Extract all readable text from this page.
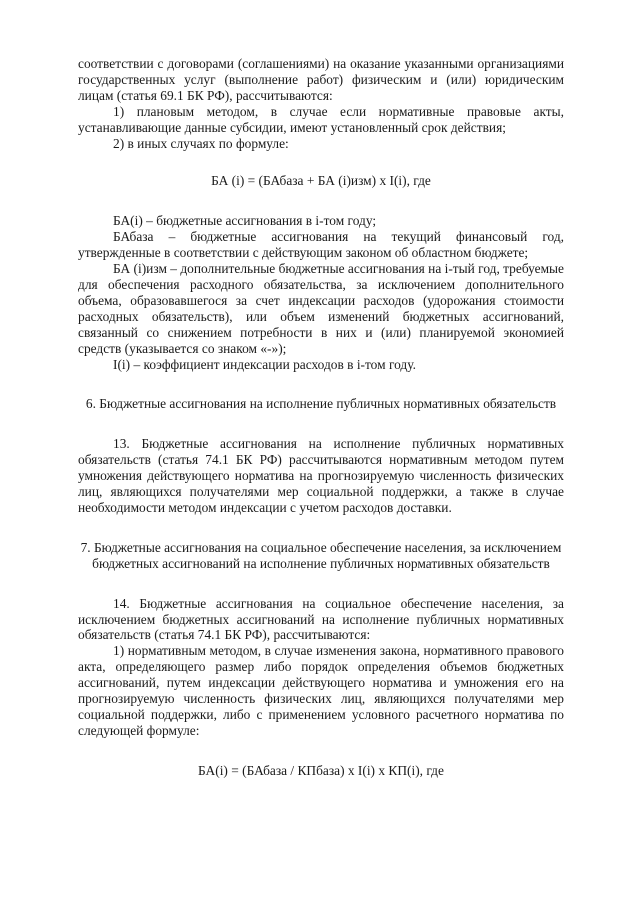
соответствии с договорами (соглашениями) на оказание указанными организациями государственных услуг (выполнение работ) физическим и (или) юридическим лицам (статья 69.1 БК РФ), рассчитываются:

1) плановым методом, в случае если нормативные правовые акты, устанавливающие данные субсидии, имеют установленный срок действия;

2) в иных случаях по формуле:

БА (i) = (БАбаза + БА (i)изм) х I(i), где

БА(i) – бюджетные ассигнования в i-том году;

БАбаза – бюджетные ассигнования на текущий финансовый год, утвержденные в соответствии с действующим законом об областном бюджете;

БА (i)изм – дополнительные бюджетные ассигнования на i-тый год, требуемые для обеспечения расходного обязательства, за исключением дополнительного объема, образовавшегося за счет индексации расходов (удорожания стоимости расходных обязательств), или объем изменений бюджетных ассигнований, связанный со снижением потребности в них и (или) планируемой экономией средств (указывается со знаком «-»);

I(i) – коэффициент индексации расходов в i-том году.

6. Бюджетные ассигнования на исполнение публичных нормативных обязательств

13. Бюджетные ассигнования на исполнение публичных нормативных обязательств (статья 74.1 БК РФ) рассчитываются нормативным методом путем умножения действующего норматива на прогнозируемую численность физических лиц, являющихся получателями мер социальной поддержки, а также в случае необходимости методом индексации с учетом расходов доставки.

7. Бюджетные ассигнования на социальное обеспечение населения, за исключением бюджетных ассигнований на исполнение публичных нормативных обязательств

14. Бюджетные ассигнования на социальное обеспечение населения, за исключением бюджетных ассигнований на исполнение публичных нормативных обязательств (статья 74.1 БК РФ), рассчитываются:

1) нормативным методом, в случае изменения закона, нормативного правового акта, определяющего размер либо порядок определения объемов бюджетных ассигнований, путем индексации действующего норматива и умножения его на прогнозируемую численность физических лиц, являющихся получателями мер социальной поддержки, либо с применением условного расчетного норматива по следующей формуле:

БА(i) = (БАбаза / КПбаза) х I(i) х КП(i), где
